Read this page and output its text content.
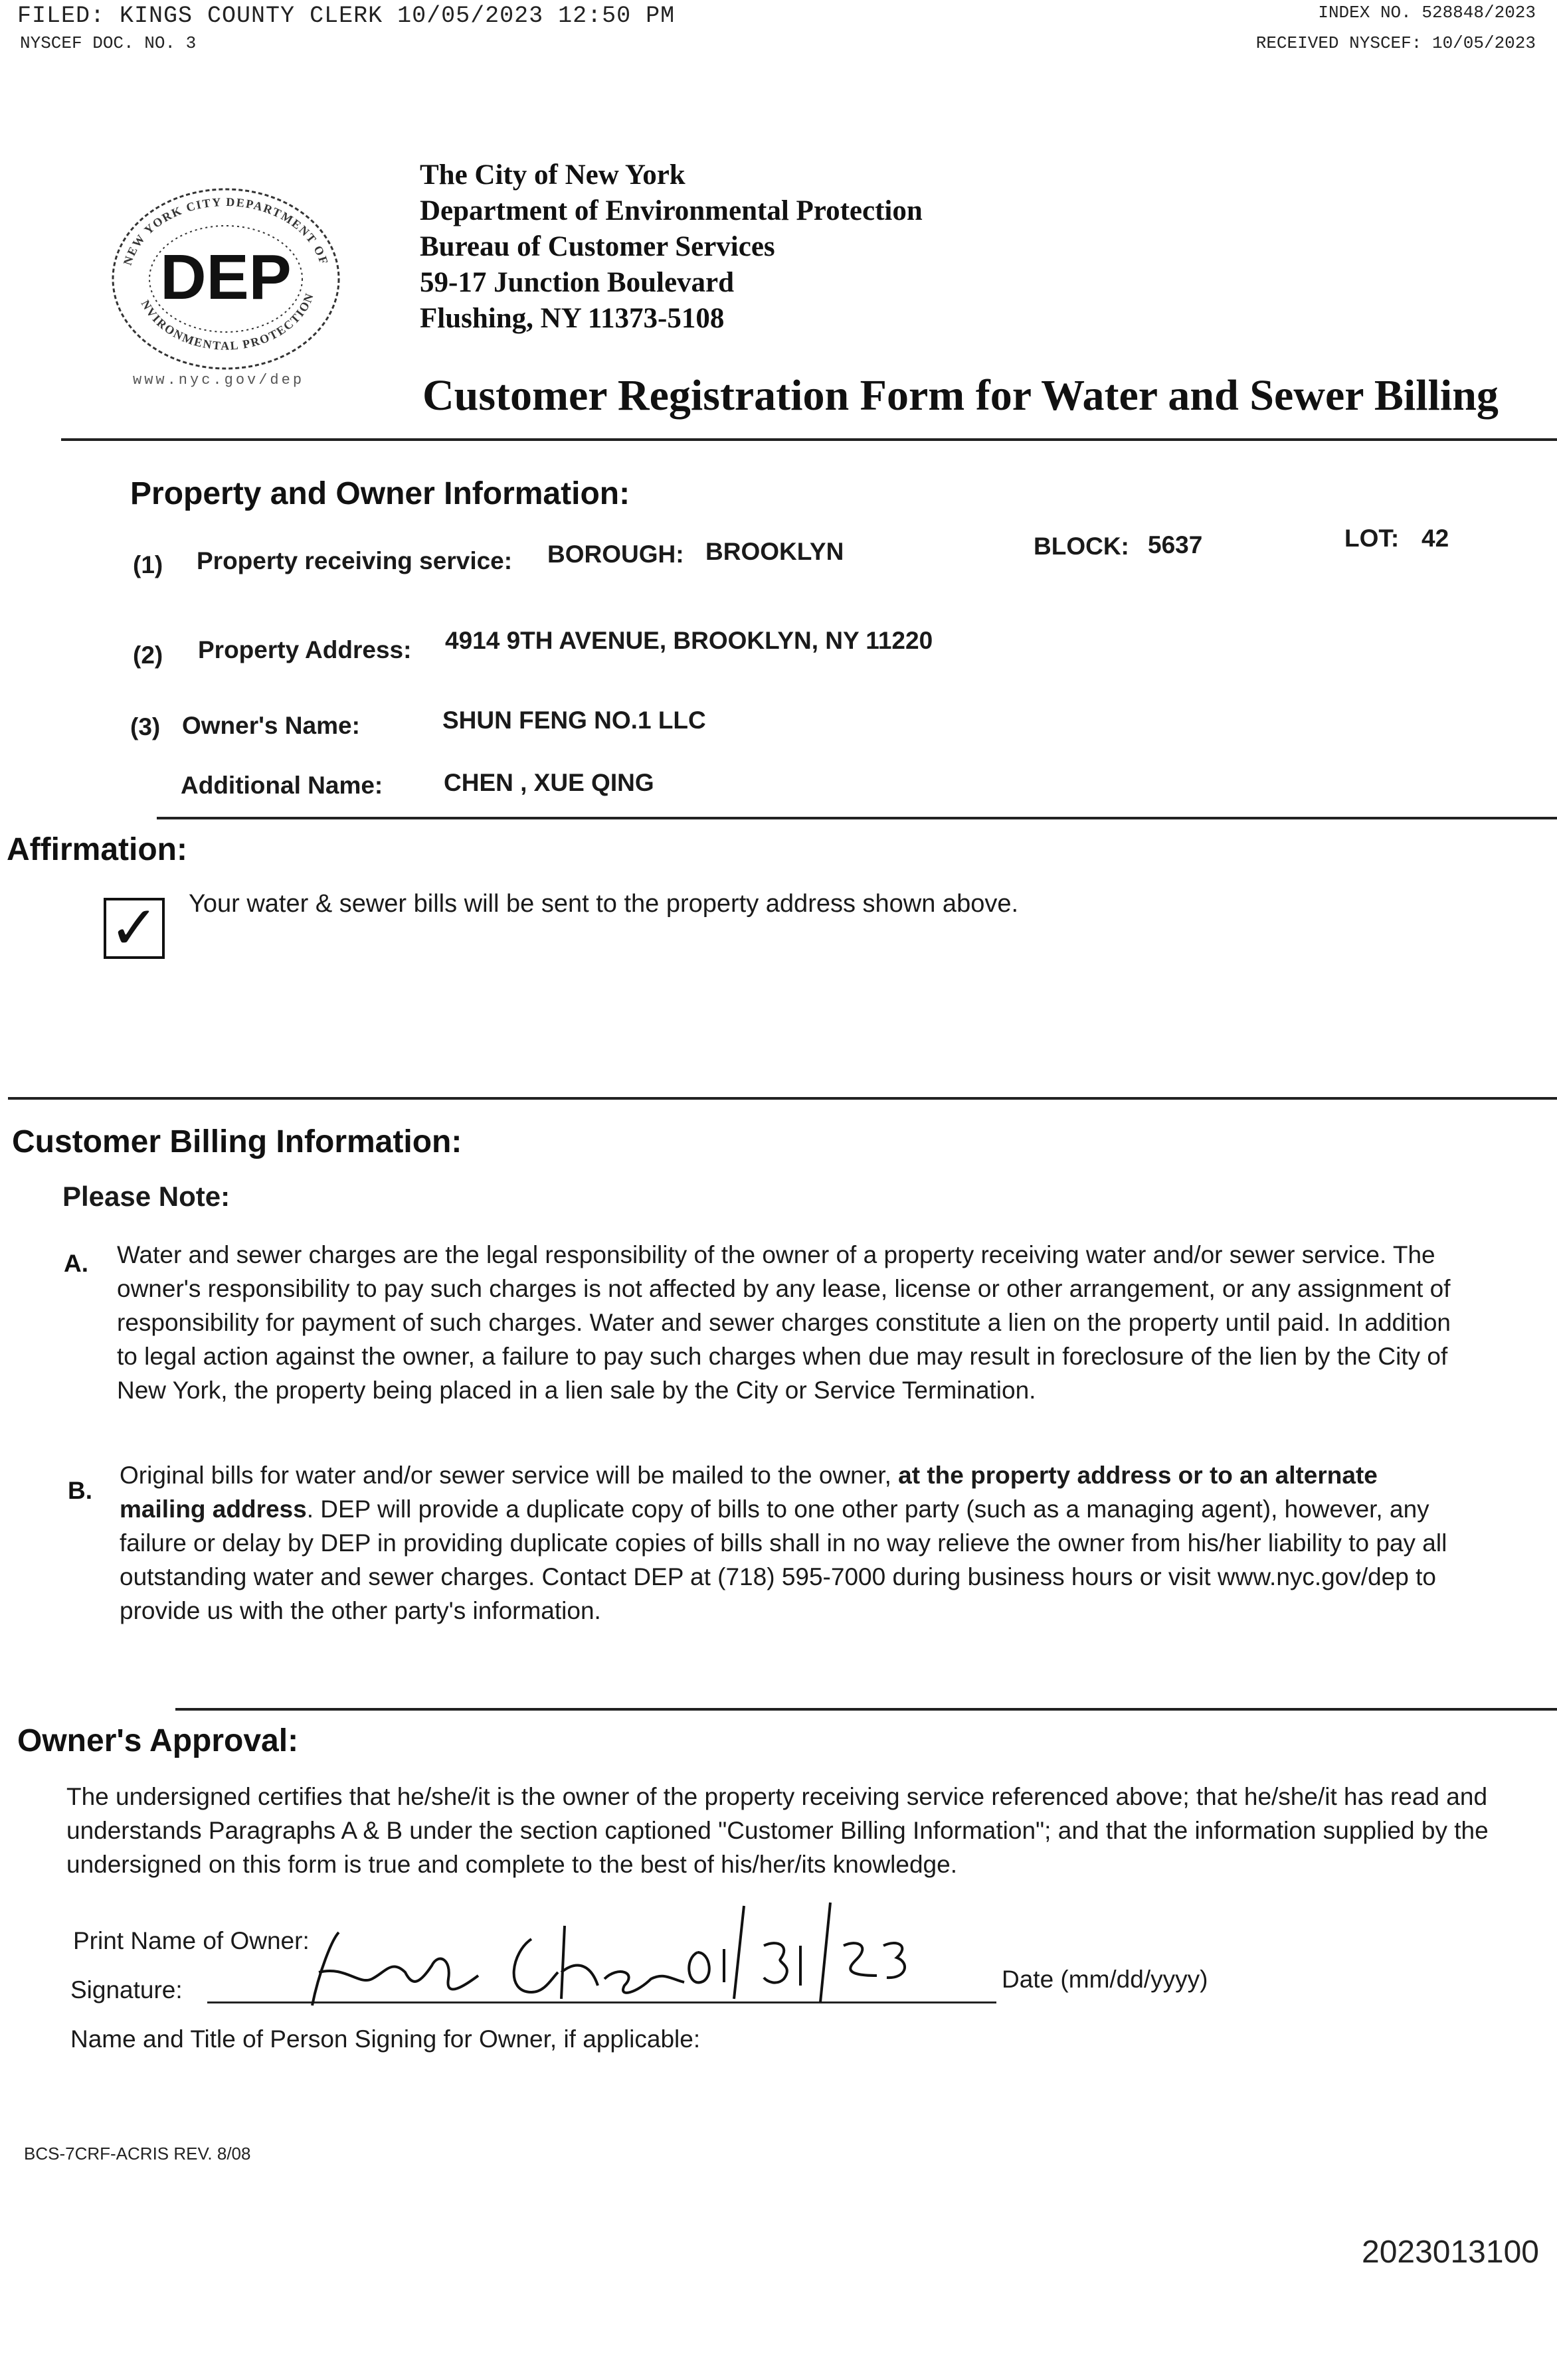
FILED: KINGS COUNTY CLERK 10/05/2023 12:50 PM
NYSCEF DOC. NO. 3
INDEX NO. 528848/2023
RECEIVED NYSCEF: 10/05/2023
NEW YORK CITY DEPARTMENT OF
NVIRONMENTAL PROTECTION
DEP
www.nyc.gov/dep
The City of New York
Department of Environmental Protection
Bureau of Customer Services
59-17 Junction Boulevard
Flushing, NY 11373-5108
Customer Registration Form for Water and Sewer Billing
Property and Owner Information:
(1) Property receiving service: BOROUGH: BROOKLYN	BLOCK: 5637	LOT: 42
(2) Property Address: 4914 9TH AVENUE, BROOKLYN, NY 11220
(3) Owner's Name:	SHUN FENG NO.1 LLC
Additional Name: CHEN , XUE QING
Affirmation:
✓ Your water & sewer bills will be sent to the property address shown above.
Customer Billing Information:
Please Note:
A. Water and sewer charges are the legal responsibility of the owner of a property receiving water and/or sewer service. The owner's responsibility to pay such charges is not affected by any lease, license or other arrangement, or any assignment of responsibility for payment of such charges. Water and sewer charges constitute a lien on the property until paid. In addition to legal action against the owner, a failure to pay such charges when due may result in foreclosure of the lien by the City of New York, the property being placed in a lien sale by the City or Service Termination.
B.
Original bills for water and/or sewer service will be mailed to the owner, at the property address or to an alternate mailing address. DEP will provide a duplicate copy of bills to one other party (such as a managing agent), however, any failure or delay by DEP in providing duplicate copies of bills shall in no way relieve the owner from his/her liability to pay all outstanding water and sewer charges. Contact DEP at (718) 595-7000 during business hours or visit www.nyc.gov/dep to provide us with the other party's information.
Owner's Approval:
The undersigned certifies that he/she/it is the owner of the property receiving service referenced above; that he/she/it has read and understands Paragraphs A & B under the section captioned "Customer Billing Information"; and that the information supplied by the undersigned on this form is true and complete to the best of his/her/its knowledge.
Print Name of Owner:
Signature:	Date (mm/dd/yyyy)
Name and Title of Person Signing for Owner, if applicable:
BCS-7CRF-ACRIS REV. 8/08
2023013100
